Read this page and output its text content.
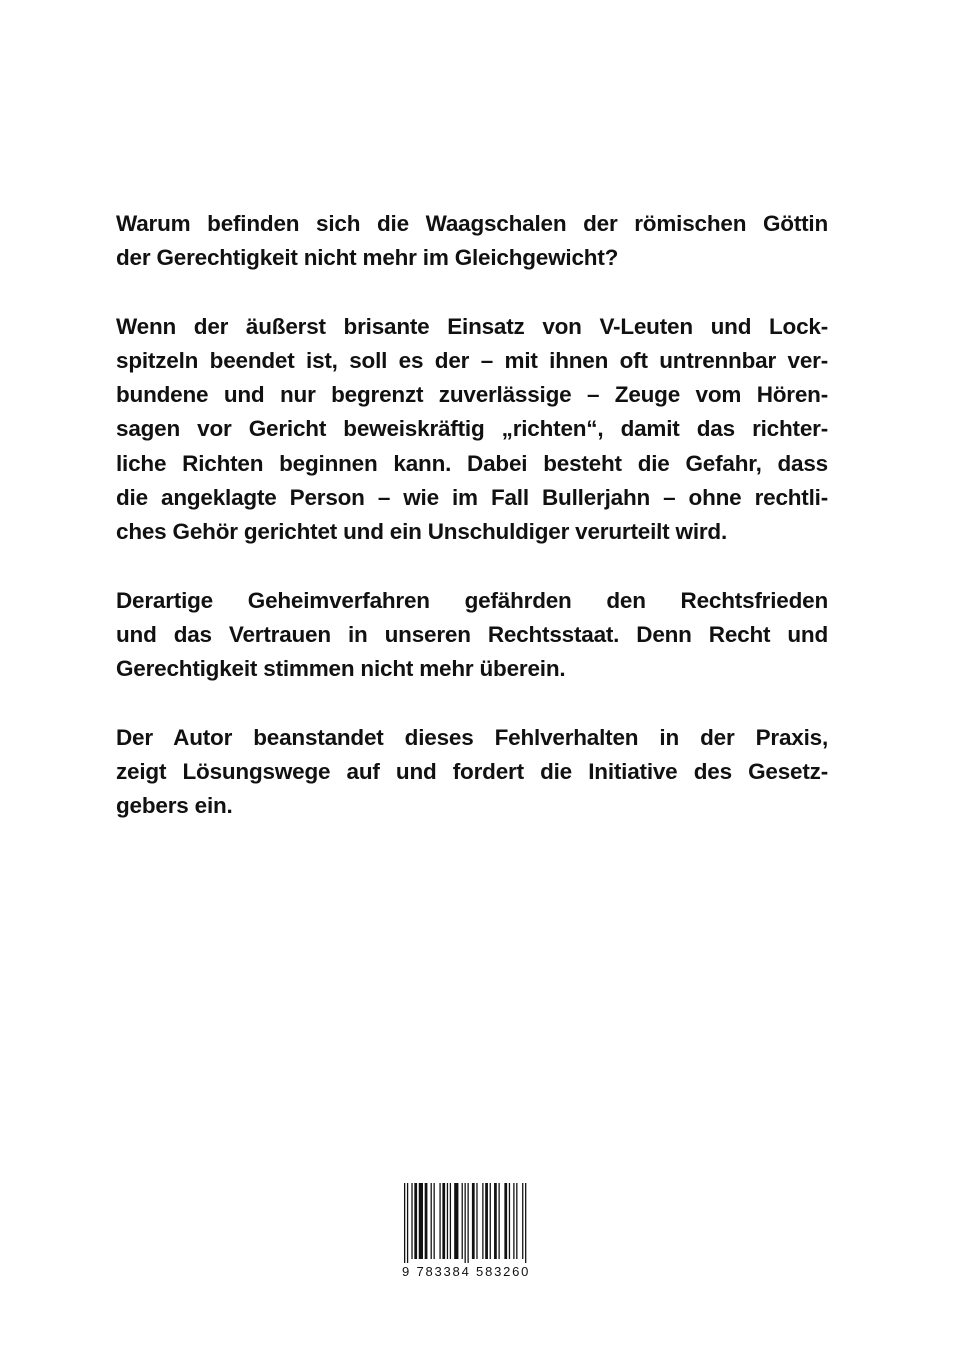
Warum befinden sich die Waagschalen der römischen Göttin
der Gerechtigkeit nicht mehr im Gleichgewicht?

Wenn der äußerst brisante Einsatz von V-Leuten und Lock-
spitzeln beendet ist, soll es der – mit ihnen oft untrennbar ver-
bundene und nur begrenzt zuverlässige – Zeuge vom Hören-
sagen vor Gericht beweiskräftig „richten“, damit das richter-
liche Richten beginnen kann. Dabei besteht die Gefahr, dass
die angeklagte Person – wie im Fall Bullerjahn – ohne rechtli-
ches Gehör gerichtet und ein Unschuldiger verurteilt wird.

Derartige Geheimverfahren gefährden den Rechtsfrieden
und das Vertrauen in unseren Rechtsstaat. Denn Recht und
Gerechtigkeit stimmen nicht mehr überein.

Der Autor beanstandet dieses Fehlverhalten in der Praxis,
zeigt Lösungswege auf und fordert die Initiative des Gesetz-
gebers ein.

9 783384 583260
